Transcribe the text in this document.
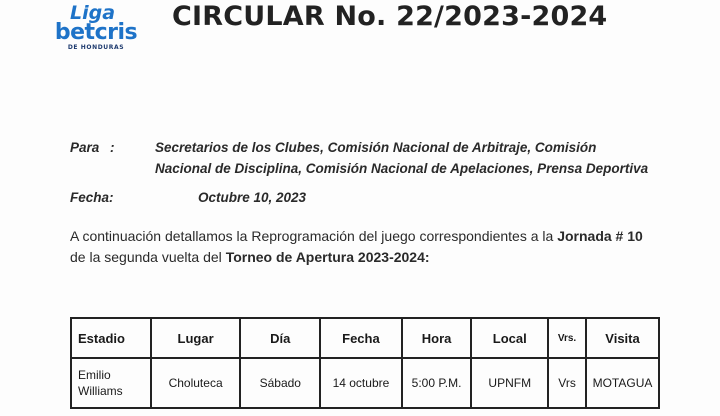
Liga
betcris
DE HONDURAS
CIRCULAR No. 22/2023-2024
Para :	Secretarios de los Clubes, Comisión Nacional de Arbitraje, Comisión
Nacional de Disciplina, Comisión Nacional de Apelaciones, Prensa Deportiva
Fecha:	Octubre 10, 2023
A continuación detallamos la Reprogramación del juego correspondientes a la Jornada # 10
de la segunda vuelta del Torneo de Apertura 2023-2024:
Estadio	Lugar	Día	Fecha	Hora	Local	Vrs.	Visita
Emilio
Williams	Choluteca	Sábado	14 octubre	5:00 P.M.	UPNFM	Vrs	MOTAGUA
